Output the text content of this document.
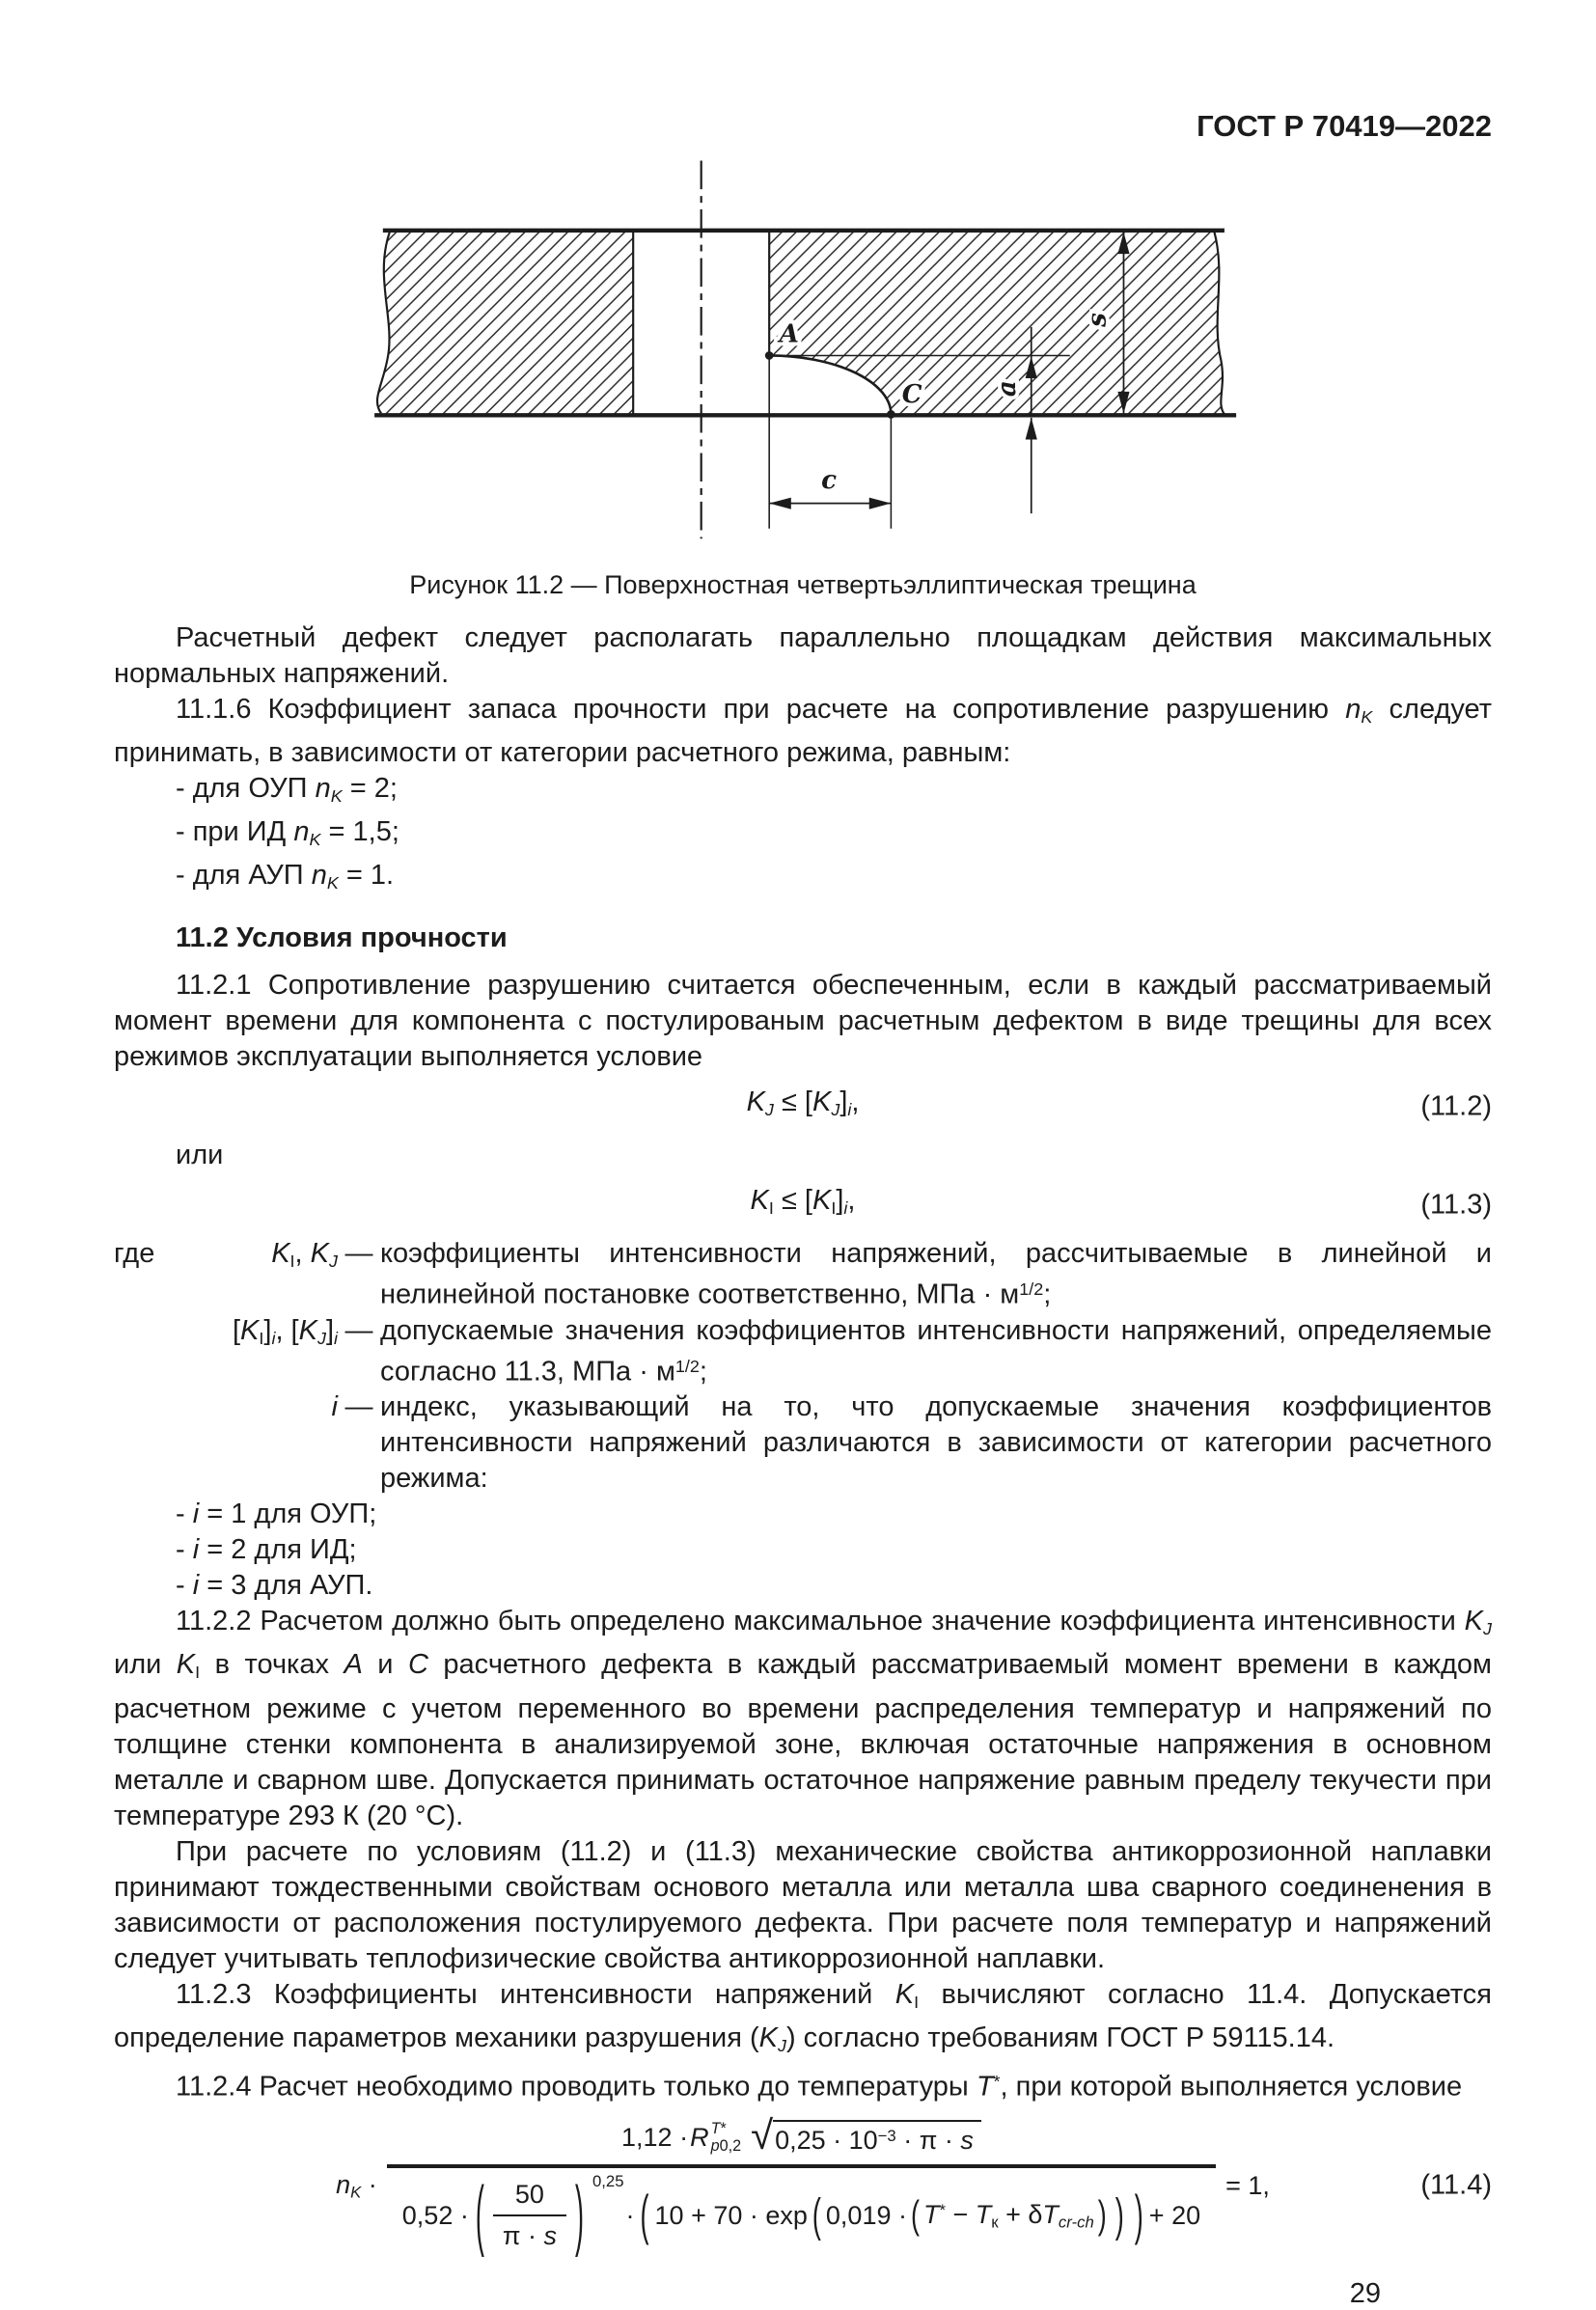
ГОСТ Р 70419—2022
A
C a
c
s
Рисунок 11.2 — Поверхностная четвертьэллиптическая трещина

Расчетный дефект следует располагать параллельно площадкам действия максимальных нормальных напряжений.

11.1.6 Коэффициент запаса прочности при расчете на сопротивление разрушению $n_K$ следует принимать, в зависимости от категории расчетного режима, равным:

- для ОУП $n_K = 2$;
- при ИД $n_K = 1,5$;
- для АУП $n_K = 1$.
11.2 Условия прочности

11.2.1 Сопротивление разрушению считается обеспеченным, если в каждый рассматриваемый момент времени для компонента с постулированым расчетным дефектом в виде трещины для всех режимов эксплуатации выполняется условие

$K_J \le [K_J]_i$,	(11.2)

или

$K_I \le [K_I]_i$,	(11.3)
где	$K_I$, $K_J$ — коэффициенты интенсивности напряжений, рассчитываемые в линейной и нелинейной постановке соответственно, МПа · $м^{1/2}$;
$[K_I]_i$, $[K_J]_i$ — допускаемые значения коэффициентов интенсивности напряжений, определяемые согласно 11.3, МПа · $м^{1/2}$;
i — индекс, указывающий на то, что допускаемые значения коэффициентов интенсивности напряжений различаются в зависимости от категории расчетного режима:
- i = 1 для ОУП;
- i = 2 для ИД;
- i = 3 для АУП.

11.2.2 Расчетом должно быть определено максимальное значение коэффициента интенсивности $K_J$ или $K_I$ в точках A и C расчетного дефекта в каждый рассматриваемый момент времени в каждом расчетном режиме с учетом переменного во времени распределения температур и напряжений по толщине стенки компонента в анализируемой зоне, включая остаточные напряжения в основном металле и сварном шве. Допускается принимать остаточное напряжение равным пределу текучести при температуре 293 К (20 °С).

При расчете по условиям (11.2) и (11.3) механические свойства антикоррозионной наплавки принимают тождественными свойствам основого металла или металла шва сварного соединенения в зависимости от расположения постулируемого дефекта. При расчете поля температур и напряжений следует учитывать теплофизические свойства антикоррозионной наплавки.

11.2.3 Коэффициенты интенсивности напряжений $K_I$ вычисляют согласно 11.4. Допускается определение параметров механики разрушения $(K_J)$ согласно требованиям ГОСТ Р 59115.14.

11.2.4 Расчет необходимо проводить только до температуры T*, при которой выполняется условие

$n_K$ ·
1,12 · R T*
p0,2 √ $0,25 \cdot 10^{-3} \cdot \pi \cdot s$
0,52 · ( $\frac{50}{\pi \cdot s}$ ) 0,25
· ( 10 + 70 · exp ( 0,019 · ( $T^* - T_к + \delta T_{cr-ch}$ ) ) ) + 20
= 1,	(11.4)
29
